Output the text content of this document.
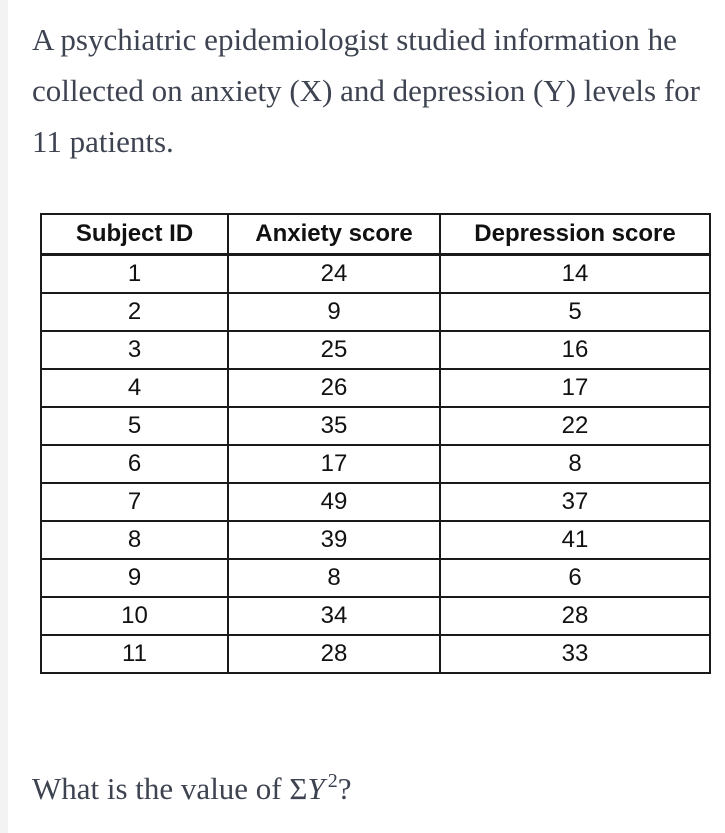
A psychiatric epidemiologist studied information he collected on anxiety (X) and depression (Y) levels for 11 patients.

Subject ID	Anxiety score	Depression score
1	24	14
2	9	5
3	25	16
4	26	17
5	35	22
6	17	8
7	49	37
8	39	41
9	8	6
10	34	28
11	28	33

What is the value of ΣY $^2$?
